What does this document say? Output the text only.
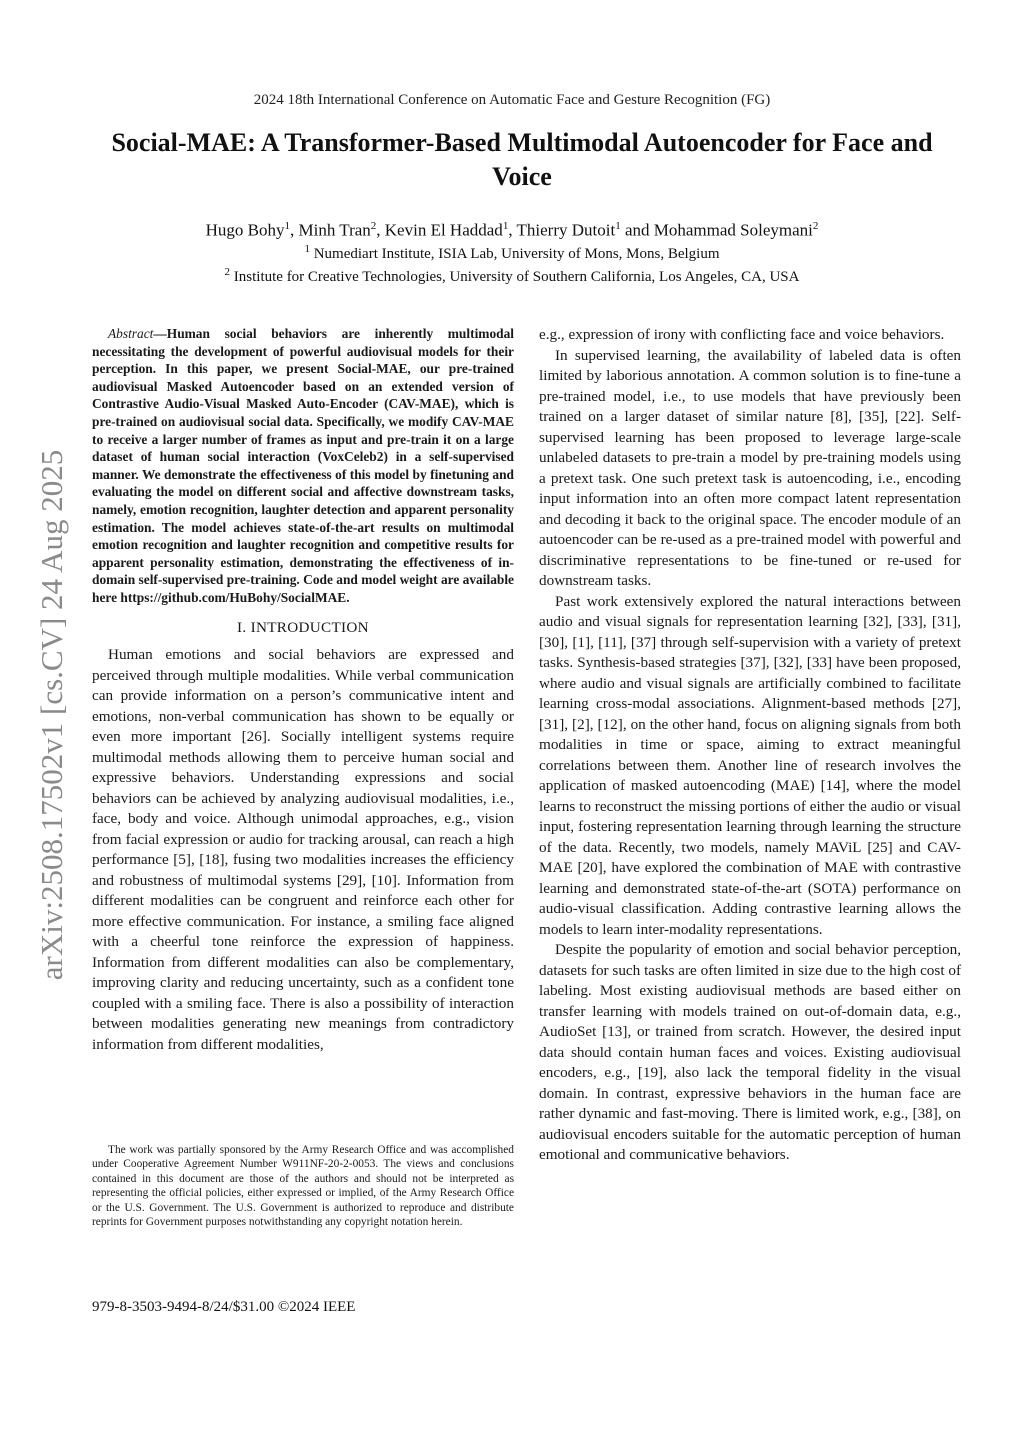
2024 18th International Conference on Automatic Face and Gesture Recognition (FG)
Social-MAE: A Transformer-Based Multimodal Autoencoder for Face and Voice
Hugo Bohy$^1$, Minh Tran$^2$, Kevin El Haddad$^1$, Thierry Dutoit$^1$ and Mohammad Soleymani$^2$
$^1$ Numediart Institute, ISIA Lab, University of Mons, Mons, Belgium
$^2$ Institute for Creative Technologies, University of Southern California, Los Angeles, CA, USA
arXiv:2508.17502v1 [cs.CV] 24 Aug 2025

Abstract—Human social behaviors are inherently multimodal necessitating the development of powerful audiovisual models for their perception. In this paper, we present Social-MAE, our pre-trained audiovisual Masked Autoencoder based on an extended version of Contrastive Audio-Visual Masked Auto-Encoder (CAV-MAE), which is pre-trained on audiovisual social data. Specifically, we modify CAV-MAE to receive a larger number of frames as input and pre-train it on a large dataset of human social interaction (VoxCeleb2) in a self-supervised manner. We demonstrate the effectiveness of this model by finetuning and evaluating the model on different social and affective downstream tasks, namely, emotion recognition, laughter detection and apparent personality estimation. The model achieves state-of-the-art results on multimodal emotion recognition and laughter recognition and competitive results for apparent personality estimation, demonstrating the effectiveness of in-domain self-supervised pre-training. Code and model weight are available here https://github.com/HuBohy/SocialMAE.

I. INTRODUCTION

Human emotions and social behaviors are expressed and perceived through multiple modalities. While verbal communication can provide information on a person’s communicative intent and emotions, non-verbal communication has shown to be equally or even more important [26]. Socially intelligent systems require multimodal methods allowing them to perceive human social and expressive behaviors. Understanding expressions and social behaviors can be achieved by analyzing audiovisual modalities, i.e., face, body and voice. Although unimodal approaches, e.g., vision from facial expression or audio for tracking arousal, can reach a high performance [5], [18], fusing two modalities increases the efficiency and robustness of multimodal systems [29], [10]. Information from different modalities can be congruent and reinforce each other for more effective communication. For instance, a smiling face aligned with a cheerful tone reinforce the expression of happiness. Information from different modalities can also be complementary, improving clarity and reducing uncertainty, such as a confident tone coupled with a smiling face. There is also a possibility of interaction between modalities generating new meanings from contradictory information from different modalities,

The work was partially sponsored by the Army Research Office and was accomplished under Cooperative Agreement Number W911NF-20-2-0053. The views and conclusions contained in this document are those of the authors and should not be interpreted as representing the official policies, either expressed or implied, of the Army Research Office or the U.S. Government. The U.S. Government is authorized to reproduce and distribute reprints for Government purposes notwithstanding any copyright notation herein.

e.g., expression of irony with conflicting face and voice behaviors.

In supervised learning, the availability of labeled data is often limited by laborious annotation. A common solution is to fine-tune a pre-trained model, i.e., to use models that have previously been trained on a larger dataset of similar nature [8], [35], [22]. Self-supervised learning has been proposed to leverage large-scale unlabeled datasets to pre-train a model by pre-training models using a pretext task. One such pretext task is autoencoding, i.e., encoding input information into an often more compact latent representation and decoding it back to the original space. The encoder module of an autoencoder can be re-used as a pre-trained model with powerful and discriminative representations to be fine-tuned or re-used for downstream tasks.

Past work extensively explored the natural interactions between audio and visual signals for representation learning [32], [33], [31], [30], [1], [11], [37] through self-supervision with a variety of pretext tasks. Synthesis-based strategies [37], [32], [33] have been proposed, where audio and visual signals are artificially combined to facilitate learning cross-modal associations. Alignment-based methods [27], [31], [2], [12], on the other hand, focus on aligning signals from both modalities in time or space, aiming to extract meaningful correlations between them. Another line of research involves the application of masked autoencoding (MAE) [14], where the model learns to reconstruct the missing portions of either the audio or visual input, fostering representation learning through learning the structure of the data. Recently, two models, namely MAViL [25] and CAV-MAE [20], have explored the combination of MAE with contrastive learning and demonstrated state-of-the-art (SOTA) performance on audio-visual classification. Adding contrastive learning allows the models to learn inter-modality representations.

Despite the popularity of emotion and social behavior perception, datasets for such tasks are often limited in size due to the high cost of labeling. Most existing audiovisual methods are based either on transfer learning with models trained on out-of-domain data, e.g., AudioSet [13], or trained from scratch. However, the desired input data should contain human faces and voices. Existing audiovisual encoders, e.g., [19], also lack the temporal fidelity in the visual domain. In contrast, expressive behaviors in the human face are rather dynamic and fast-moving. There is limited work, e.g., [38], on audiovisual encoders suitable for the automatic perception of human emotional and communicative behaviors.

979-8-3503-9494-8/24/$31.00 ©2024 IEEE
